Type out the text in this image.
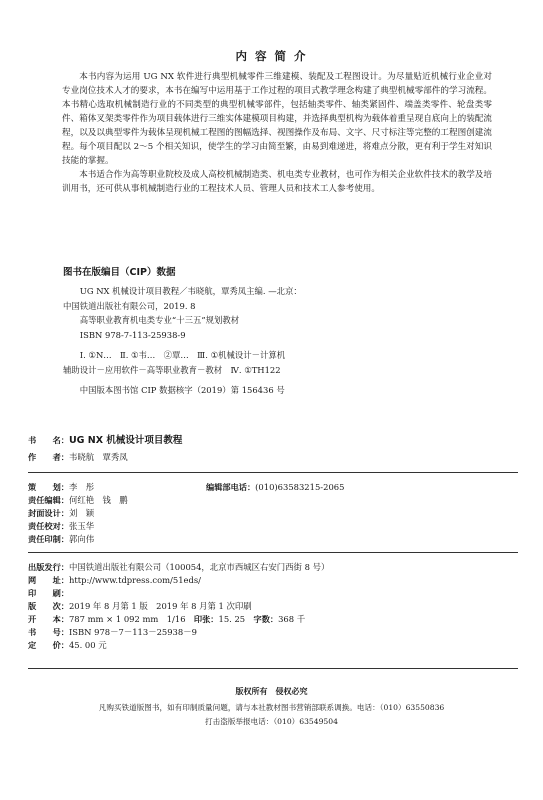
内 容 简 介

本书内容为运用 UG NX 软件进行典型机械零件三维建模、装配及工程图设计。为尽量贴近机械行业企业对专业岗位技术人才的要求，本书在编写中运用基于工作过程的项目式教学理念构建了典型机械零部件的学习流程。本书精心选取机械制造行业的不同类型的典型机械零部件，包括轴类零件、轴类紧固件、端盖类零件、轮盘类零件、箱体叉架类零件作为项目载体进行三维实体建模项目构建，并选择典型机构为载体着重呈现自底向上的装配流程，以及以典型零件为载体呈现机械工程图的图幅选择、视图操作及布局、文字、尺寸标注等完整的工程图创建流程。每个项目配以 2～5 个相关知识，使学生的学习由简至繁，由易到难递进，将难点分散，更有利于学生对知识技能的掌握。

本书适合作为高等职业院校及成人高校机械制造类、机电类专业教材，也可作为相关企业软件技术的教学及培训用书，还可供从事机械制造行业的工程技术人员、管理人员和技术工人参考使用。

图书在版编目（CIP）数据
UG NX 机械设计项目教程／韦晓航，覃秀凤主编. —北京：
中国铁道出版社有限公司，2019. 8
高等职业教育机电类专业“十三五”规划教材
ISBN 978-7-113-25938-9
Ⅰ. ①N…　Ⅱ. ①韦…　②覃…　Ⅲ. ①机械设计－计算机
辅助设计－应用软件－高等职业教育－教材　Ⅳ. ①TH122
中国版本图书馆 CIP 数据核字（2019）第 156436 号
书　　名：UG NX 机械设计项目教程
作　　者：韦晓航　覃秀凤
策　　划：李　彤	编辑部电话：(010)63583215-2065
责任编辑：何红艳　钱　鹏
封面设计：刘　颖
责任校对：张玉华
责任印制：郭向伟
出版发行：中国铁道出版社有限公司（100054，北京市西城区右安门西街 8 号）
网　　址：http://www.tdpress.com/51eds/
印　　刷：
版　　次：2019 年 8 月第 1 版　2019 年 8 月第 1 次印刷
开　　本：787 mm × 1 092 mm　1/16　印张：15. 25　字数：368 千
书　　号：ISBN 978－7－113－25938－9
定　　价：45. 00 元
版权所有　侵权必究
凡购买铁道版图书，如有印制质量问题，请与本社教材图书营销部联系调换。电话：（010）63550836
打击盗版举报电话：（010）63549504
